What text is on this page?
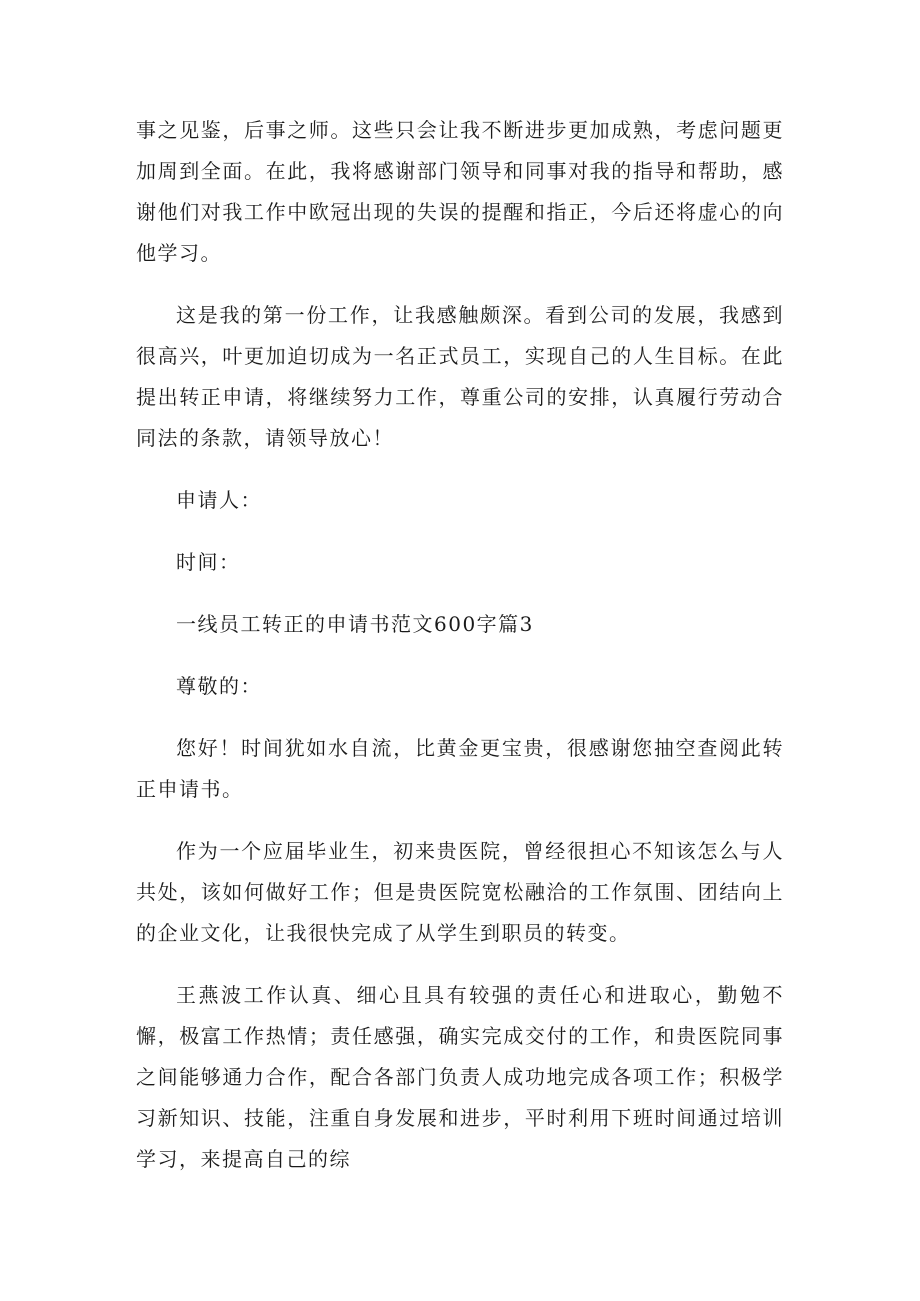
事之见鉴，后事之师。这些只会让我不断进步更加成熟，考虑问题更加周到全面。在此，我将感谢部门领导和同事对我的指导和帮助，感谢他们对我工作中欧冠出现的失误的提醒和指正，今后还将虚心的向他学习。

这是我的第一份工作，让我感触颇深。看到公司的发展，我感到很高兴，叶更加迫切成为一名正式员工，实现自己的人生目标。在此提出转正申请，将继续努力工作，尊重公司的安排，认真履行劳动合同法的条款，请领导放心！

申请人：

时间：

一线员工转正的申请书范文600字篇3

尊敬的：

您好！时间犹如水自流，比黄金更宝贵，很感谢您抽空查阅此转正申请书。

作为一个应届毕业生，初来贵医院，曾经很担心不知该怎么与人共处，该如何做好工作；但是贵医院宽松融洽的工作氛围、团结向上的企业文化，让我很快完成了从学生到职员的转变。

王燕波工作认真、细心且具有较强的责任心和进取心，勤勉不懈，极富工作热情；责任感强，确实完成交付的工作，和贵医院同事之间能够通力合作，配合各部门负责人成功地完成各项工作；积极学习新知识、技能，注重自身发展和进步，平时利用下班时间通过培训学习，来提高自己的综
